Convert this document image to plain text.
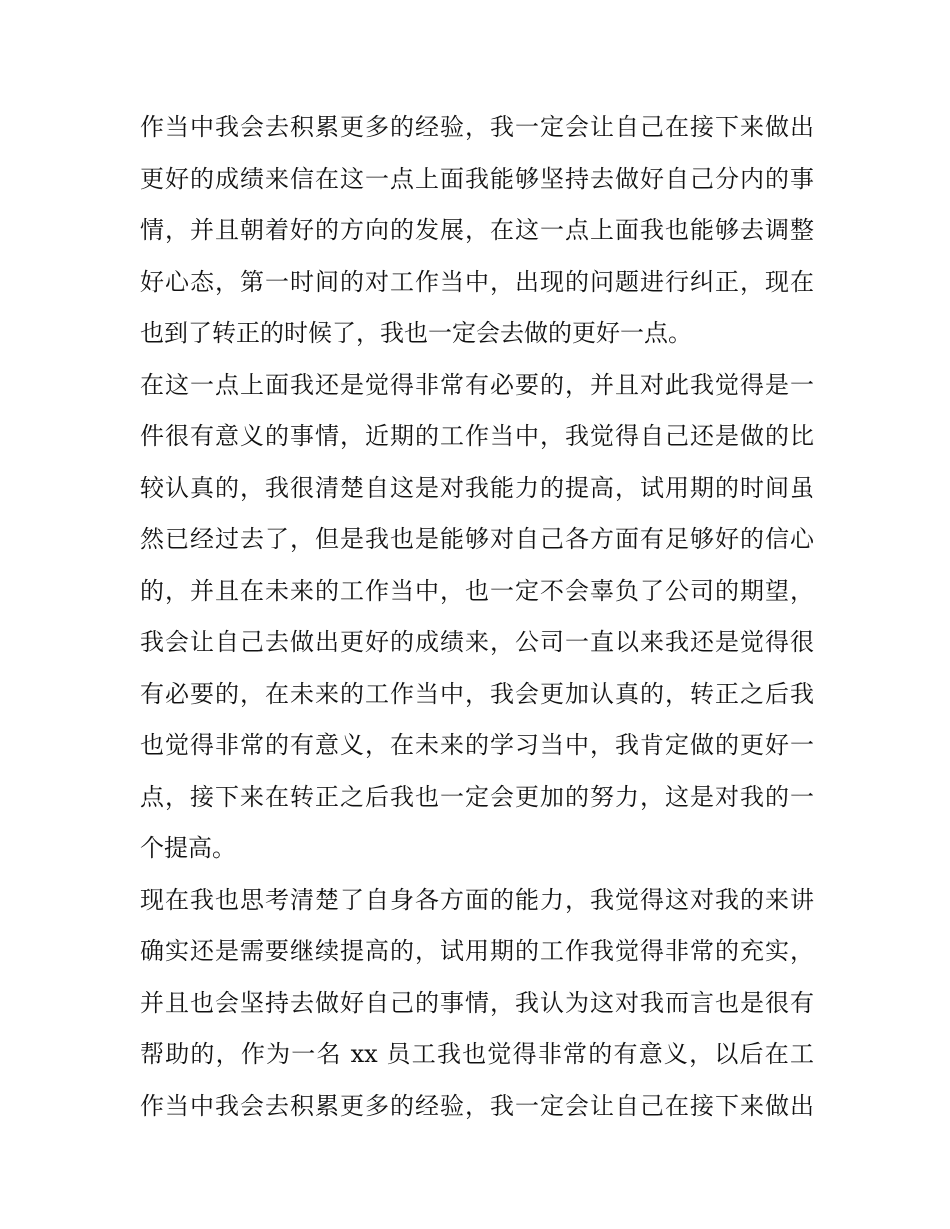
作当中我会去积累更多的经验，我一定会让自己在接下来做出
更好的成绩来信在这一点上面我能够坚持去做好自己分内的事
情，并且朝着好的方向的发展，在这一点上面我也能够去调整
好心态，第一时间的对工作当中，出现的问题进行纠正，现在
也到了转正的时候了，我也一定会去做的更好一点。
在这一点上面我还是觉得非常有必要的，并且对此我觉得是一
件很有意义的事情，近期的工作当中，我觉得自己还是做的比
较认真的，我很清楚自这是对我能力的提高，试用期的时间虽
然已经过去了，但是我也是能够对自己各方面有足够好的信心
的，并且在未来的工作当中，也一定不会辜负了公司的期望，
我会让自己去做出更好的成绩来，公司一直以来我还是觉得很
有必要的，在未来的工作当中，我会更加认真的，转正之后我
也觉得非常的有意义，在未来的学习当中，我肯定做的更好一
点，接下来在转正之后我也一定会更加的努力，这是对我的一
个提高。
现在我也思考清楚了自身各方面的能力，我觉得这对我的来讲
确实还是需要继续提高的，试用期的工作我觉得非常的充实，
并且也会坚持去做好自己的事情，我认为这对我而言也是很有
帮助的，作为一名 xx 员工我也觉得非常的有意义，以后在工
作当中我会去积累更多的经验，我一定会让自己在接下来做出
